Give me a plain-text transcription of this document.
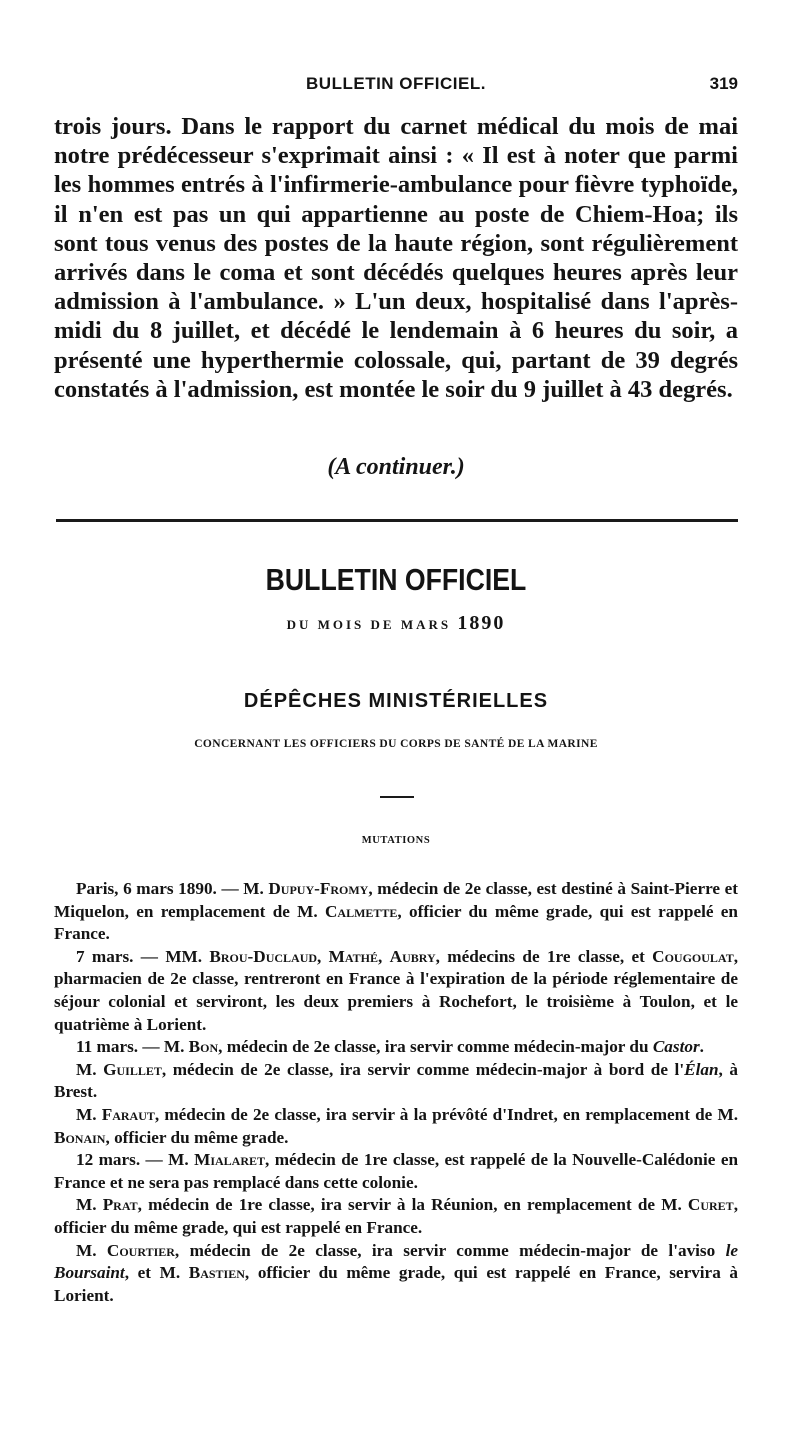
BULLETIN OFFICIEL.	319

trois jours. Dans le rapport du carnet médical du mois de mai notre prédécesseur s'exprimait ainsi : « Il est à noter que parmi les hommes entrés à l'infirmerie-ambulance pour fièvre typhoïde, il n'en est pas un qui appartienne au poste de Chiem-Hoa; ils sont tous venus des postes de la haute région, sont régulièrement arrivés dans le coma et sont décédés quelques heures après leur admission à l'ambulance. » L'un deux, hospitalisé dans l'après-midi du 8 juillet, et décédé le lendemain à 6 heures du soir, a présenté une hyperthermie colossale, qui, partant de 39 degrés constatés à l'admission, est montée le soir du 9 juillet à 43 degrés.

(A continuer.)
BULLETIN OFFICIEL
DU MOIS DE MARS 1890
DÉPÊCHES MINISTÉRIELLES
CONCERNANT LES OFFICIERS DU CORPS DE SANTÉ DE LA MARINE
MUTATIONS

Paris, 6 mars 1890. — M. Dupuy-Fromy, médecin de 2e classe, est destiné à Saint-Pierre et Miquelon, en remplacement de M. Calmette, officier du même grade, qui est rappelé en France.

7 mars. — MM. Brou-Duclaud, Mathé, Aubry, médecins de 1re classe, et Cougoulat, pharmacien de 2e classe, rentreront en France à l'expiration de la période réglementaire de séjour colonial et serviront, les deux premiers à Rochefort, le troisième à Toulon, et le quatrième à Lorient.

11 mars. — M. Bon, médecin de 2e classe, ira servir comme médecin-major du Castor.

M. Guillet, médecin de 2e classe, ira servir comme médecin-major à bord de l'Élan, à Brest.

M. Faraut, médecin de 2e classe, ira servir à la prévôté d'Indret, en remplacement de M. Bonain, officier du même grade.

12 mars. — M. Mialaret, médecin de 1re classe, est rappelé de la Nouvelle-Calédonie en France et ne sera pas remplacé dans cette colonie.

M. Prat, médecin de 1re classe, ira servir à la Réunion, en remplacement de M. Curet, officier du même grade, qui est rappelé en France.

M. Courtier, médecin de 2e classe, ira servir comme médecin-major de l'aviso le Boursaint, et M. Bastien, officier du même grade, qui est rappelé en France, servira à Lorient.
